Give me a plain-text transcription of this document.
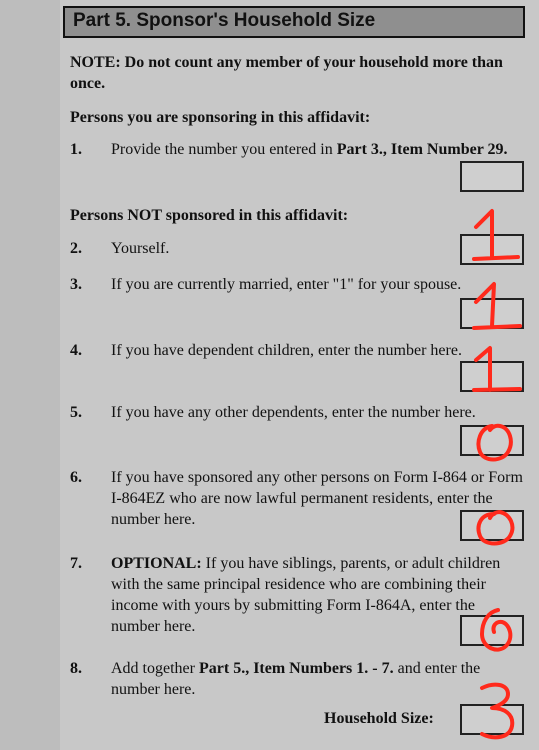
Part 5. Sponsor's Household Size
NOTE: Do not count any member of your household more than once.
Persons you are sponsoring in this affidavit:
1. Provide the number you entered in Part 3., Item Number 29.
Persons NOT sponsored in this affidavit:
2. Yourself.
3. If you are currently married, enter "1" for your spouse.
4. If you have dependent children, enter the number here.
5. If you have any other dependents, enter the number here.
6. If you have sponsored any other persons on Form I-864 or Form I-864EZ who are now lawful permanent residents, enter the number here.
7. OPTIONAL: If you have siblings, parents, or adult children with the same principal residence who are combining their income with yours by submitting Form I-864A, enter the number here.
8. Add together Part 5., Item Numbers 1. - 7. and enter the number here.
Household Size:
